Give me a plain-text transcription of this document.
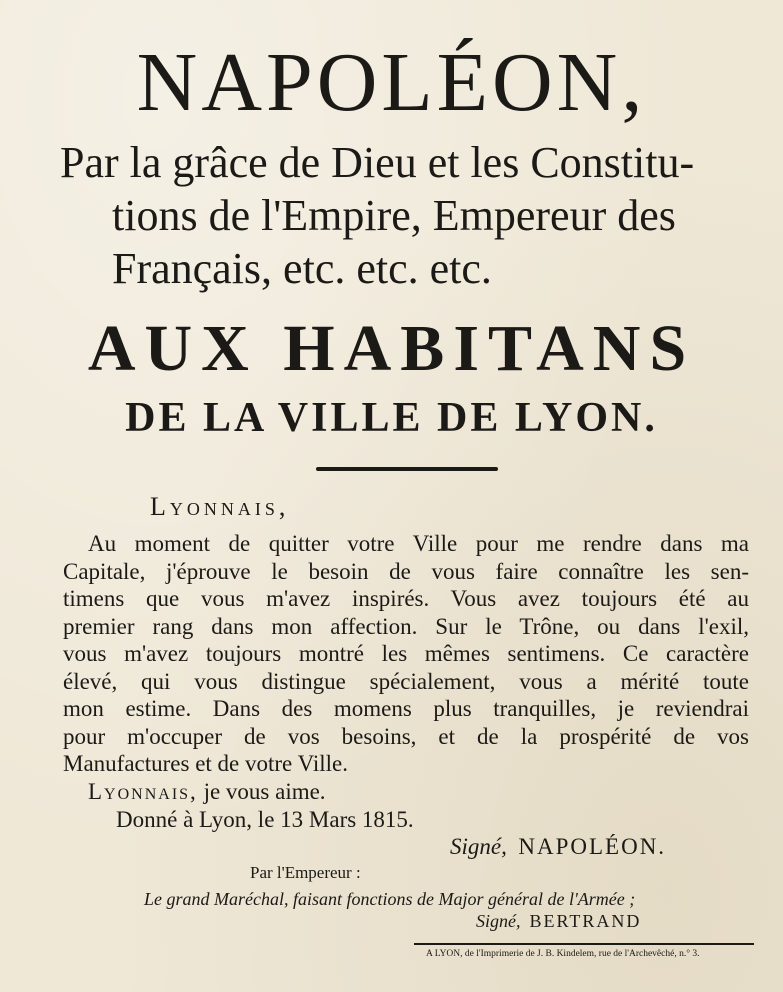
NAPOLÉON,
Par la grâce de Dieu et les Constitu-
tions de l'Empire, Empereur des
Français, etc. etc. etc.
AUX HABITANS
DE LA VILLE DE LYON.
Lyonnais,
Au moment de quitter votre Ville pour me rendre dans ma
Capitale, j'éprouve le besoin de vous faire connaître les sen-
timens que vous m'avez inspirés. Vous avez toujours été au
premier rang dans mon affection. Sur le Trône, ou dans l'exil,
vous m'avez toujours montré les mêmes sentimens. Ce caractère
élevé, qui vous distingue spécialement, vous a mérité toute
mon estime. Dans des momens plus tranquilles, je reviendrai
pour m'occuper de vos besoins, et de la prospérité de vos
Manufactures et de votre Ville.
Lyonnais, je vous aime.
Donné à Lyon, le 13 Mars 1815.
Signé, NAPOLÉON.
Par l'Empereur :
Le grand Maréchal, faisant fonctions de Major général de l'Armée ;
Signé, BERTRAND
A LYON, de l'Imprimerie de J. B. Kindelem, rue de l'Archevêché, n.° 3.
